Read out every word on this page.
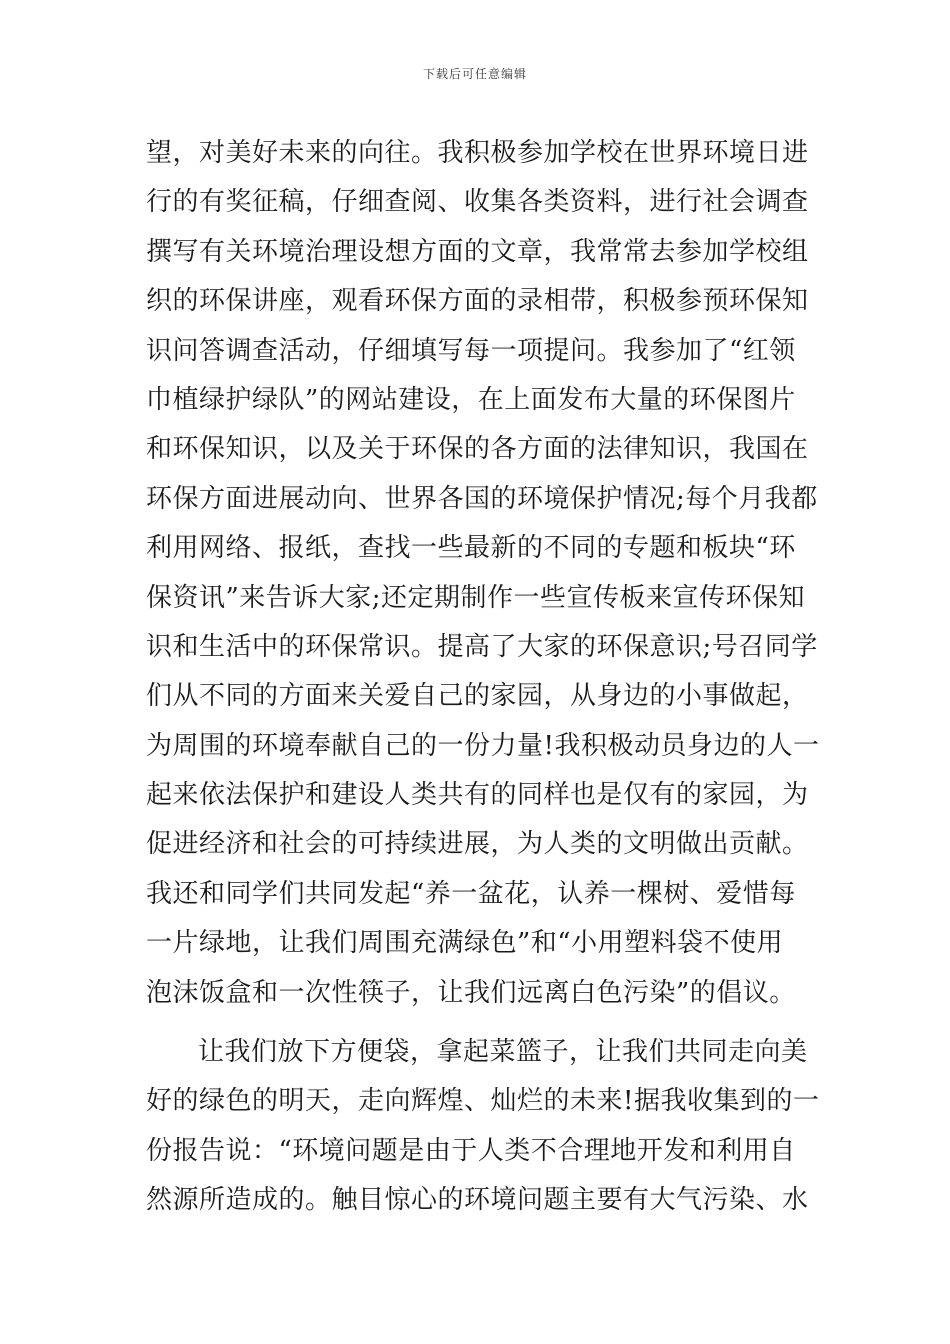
下载后可任意编辑
望，对美好未来的向往。我积极参加学校在世界环境日进
行的有奖征稿，仔细查阅、收集各类资料，进行社会调查
撰写有关环境治理设想方面的文章，我常常去参加学校组
织的环保讲座，观看环保方面的录相带，积极参预环保知
识问答调查活动，仔细填写每一项提问。我参加了“红领
巾植绿护绿队”的网站建设，在上面发布大量的环保图片
和环保知识，以及关于环保的各方面的法律知识，我国在
环保方面进展动向、世界各国的环境保护情况;每个月我都
利用网络、报纸，查找一些最新的不同的专题和板块“环
保资讯”来告诉大家;还定期制作一些宣传板来宣传环保知
识和生活中的环保常识。提高了大家的环保意识;号召同学
们从不同的方面来关爱自己的家园，从身边的小事做起，
为周围的环境奉献自己的一份力量!我积极动员身边的人一
起来依法保护和建设人类共有的同样也是仅有的家园，为
促进经济和社会的可持续进展，为人类的文明做出贡献。
我还和同学们共同发起“养一盆花，认养一棵树、爱惜每
一片绿地，让我们周围充满绿色”和“小用塑料袋不使用
泡沫饭盒和一次性筷子，让我们远离白色污染”的倡议。
让我们放下方便袋，拿起菜篮子，让我们共同走向美
好的绿色的明天，走向辉煌、灿烂的未来!据我收集到的一
份报告说：“环境问题是由于人类不合理地开发和利用自
然源所造成的。触目惊心的环境问题主要有大气污染、水
